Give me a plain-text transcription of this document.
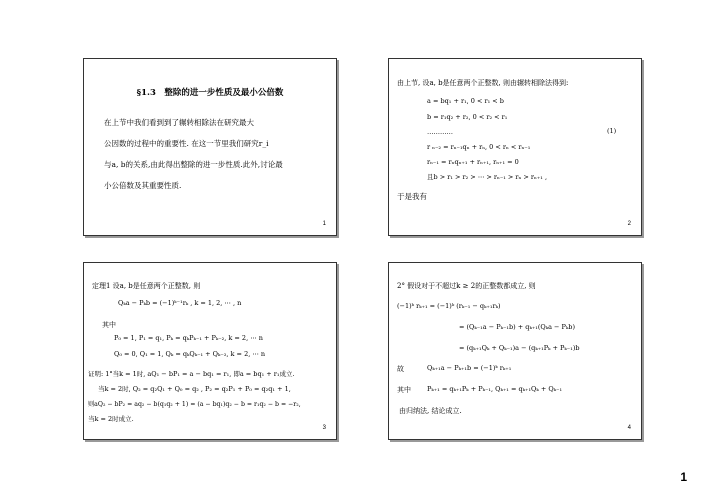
§1.3　整除的进一步性质及最小公倍数

在上节中我们看到到了辗转相除法在研究最大

公因数的过程中的重要性. 在这一节里我们研究r_i

与a, b的关系,由此得出整除的进一步性质.此外,讨论最

小公倍数及其重要性质.

1
由上节, 设a, b是任意两个正整数, 则由辗转相除法得到:
a = bq₁ + r₁, 0 < r₁ < b
b = r₁q₂ + r₂, 0 < r₂ < r₁
…………	(1)
r ₙ₋₂ = rₙ₋₁qₙ + rₙ, 0 < rₙ < rₙ₋₁
rₙ₋₁ = rₙqₙ₊₁ + rₙ₊₁, rₙ₊₁ = 0
且b > r₁ > r₂ > ⋯ > rₙ₋₁ > rₙ > rₙ₊₁ ,
于是我有
2
定理1 设a, b是任意两个正整数, 则
Qₖa − Pₖb = (−1)ᵏ⁻¹rₖ , k = 1, 2, ⋯ , n
其中
P₀ = 1, P₁ = q₁, Pₖ = qₖPₖ₋₁ + Pₖ₋₂, k = 2, ⋯ n
Q₀ = 0, Q₁ = 1, Qₖ = qₖQₖ₋₁ + Qₖ₋₂, k = 2, ⋯ n
证明: 1°当k = 1时, aQ₁ − bP₁ = a − bq₁ = r₁, 即a = bq₁ + r₁成立.
当k = 2时, Q₂ = q₂Q₁ + Q₀ = q₂ , P₂ = q₂P₁ + P₀ = q₂q₁ + 1,
则aQ₂ − bP₂ = aq₂ − b(q₁q₂ + 1) = (a − bq₁)q₂ − b = r₁q₂ − b = −r₂,
当k = 2时成立.
3
2° 假设对于不超过k ≥ 2的正整数都成立, 则
(−1)ᵏ rₖ₊₁ = (−1)ᵏ (rₖ₋₁ − qₖ₊₁rₖ)
= (Qₖ₋₁a − Pₖ₋₁b) + qₖ₊₁(Qₖa − Pₖb)
= (qₖ₊₁Qₖ + Qₖ₋₁)a − (qₖ₊₁Pₖ + Pₖ₋₁)b
故	Qₖ₊₁a − Pₖ₊₁b = (−1)ᵏ rₖ₊₁
其中 Pₖ₊₁ = qₖ₊₁Pₖ + Pₖ₋₁, Qₖ₊₁ = qₖ₊₁Qₖ + Qₖ₋₁
由归纳法, 结论成立.
4
1
